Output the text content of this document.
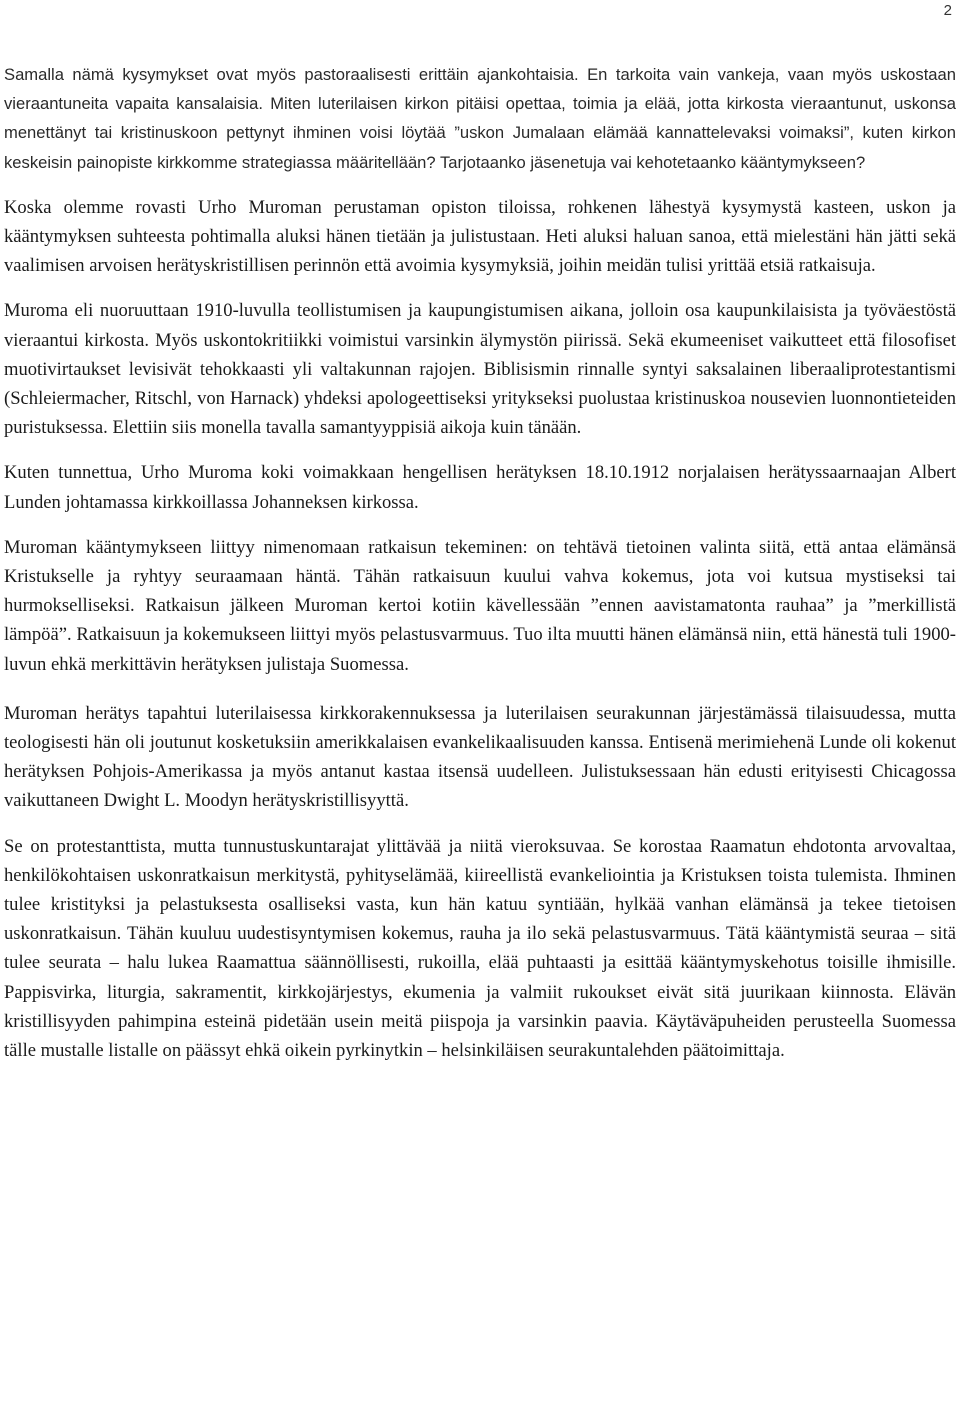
2

Samalla nämä kysymykset ovat myös pastoraalisesti erittäin ajankohtaisia. En tarkoita vain vankeja, vaan myös uskostaan vieraantuneita vapaita kansalaisia. Miten luterilaisen kirkon pitäisi opettaa, toimia ja elää, jotta kirkosta vieraantunut, uskonsa menettänyt tai kristinuskoon pettynyt ihminen voisi löytää ”uskon Jumalaan elämää kannattelevaksi voimaksi”, kuten kirkon keskeisin painopiste kirkkomme strategiassa määritellään? Tarjotaanko jäsenetuja vai kehotetaanko kääntymykseen?

Koska olemme rovasti Urho Muroman perustaman opiston tiloissa, rohkenen lähestyä kysymystä kasteen, uskon ja kääntymyksen suhteesta pohtimalla aluksi hänen tietään ja julistustaan. Heti aluksi haluan sanoa, että mielestäni hän jätti sekä vaalimisen arvoisen herätyskristillisen perinnön että avoimia kysymyksiä, joihin meidän tulisi yrittää etsiä ratkaisuja.

Muroma eli nuoruuttaan 1910-luvulla teollistumisen ja kaupungistumisen aikana, jolloin osa kaupunkilaisista ja työväestöstä vieraantui kirkosta. Myös uskontokritiikki voimistui varsinkin älymystön piirissä. Sekä ekumeeniset vaikutteet että filosofiset muotivirtaukset levisivät tehokkaasti yli valtakunnan rajojen. Biblisismin rinnalle syntyi saksalainen liberaaliprotestantismi (Schleiermacher, Ritschl, von Harnack) yhdeksi apologeettiseksi yritykseksi puolustaa kristinuskoa nousevien luonnontieteiden puristuksessa. Elettiin siis monella tavalla samantyyppisiä aikoja kuin tänään.

Kuten tunnettua, Urho Muroma koki voimakkaan hengellisen herätyksen 18.10.1912 norjalaisen herätyssaarnaajan Albert Lunden johtamassa kirkkoillassa Johanneksen kirkossa.

Muroman kääntymykseen liittyy nimenomaan ratkaisun tekeminen: on tehtävä tietoinen valinta siitä, että antaa elämänsä Kristukselle ja ryhtyy seuraamaan häntä. Tähän ratkaisuun kuului vahva kokemus, jota voi kutsua mystiseksi tai hurmokselliseksi. Ratkaisun jälkeen Muroman kertoi kotiin kävellessään ”ennen aavistamatonta rauhaa” ja ”merkillistä lämpöä”. Ratkaisuun ja kokemukseen liittyi myös pelastusvarmuus. Tuo ilta muutti hänen elämänsä niin, että hänestä tuli 1900-luvun ehkä merkittävin herätyksen julistaja Suomessa.

Muroman herätys tapahtui luterilaisessa kirkkorakennuksessa ja luterilaisen seurakunnan järjestämässä tilaisuudessa, mutta teologisesti hän oli joutunut kosketuksiin amerikkalaisen evankelikaalisuuden kanssa. Entisenä merimiehenä Lunde oli kokenut herätyksen Pohjois-Amerikassa ja myös antanut kastaa itsensä uudelleen. Julistuksessaan hän edusti erityisesti Chicagossa vaikuttaneen Dwight L. Moodyn herätyskristillisyyttä.

Se on protestanttista, mutta tunnustuskuntarajat ylittävää ja niitä vieroksuvaa. Se korostaa Raamatun ehdotonta arvovaltaa, henkilökohtaisen uskonratkaisun merkitystä, pyhityselämää, kiireellistä evankeliointia ja Kristuksen toista tulemista. Ihminen tulee kristityksi ja pelastuksesta osalliseksi vasta, kun hän katuu syntiään, hylkää vanhan elämänsä ja tekee tietoisen uskonratkaisun. Tähän kuuluu uudestisyntymisen kokemus, rauha ja ilo sekä pelastusvarmuus. Tätä kääntymistä seuraa – sitä tulee seurata – halu lukea Raamattua säännöllisesti, rukoilla, elää puhtaasti ja esittää kääntymyskehotus toisille ihmisille. Pappisvirka, liturgia, sakramentit, kirkkojärjestys, ekumenia ja valmiit rukoukset eivät sitä juurikaan kiinnosta. Elävän kristillisyyden pahimpina esteinä pidetään usein meitä piispoja ja varsinkin paavia. Käytäväpuheiden perusteella Suomessa tälle mustalle listalle on päässyt ehkä oikein pyrkinytkin – helsinkiläisen seurakuntalehden päätoimittaja.
